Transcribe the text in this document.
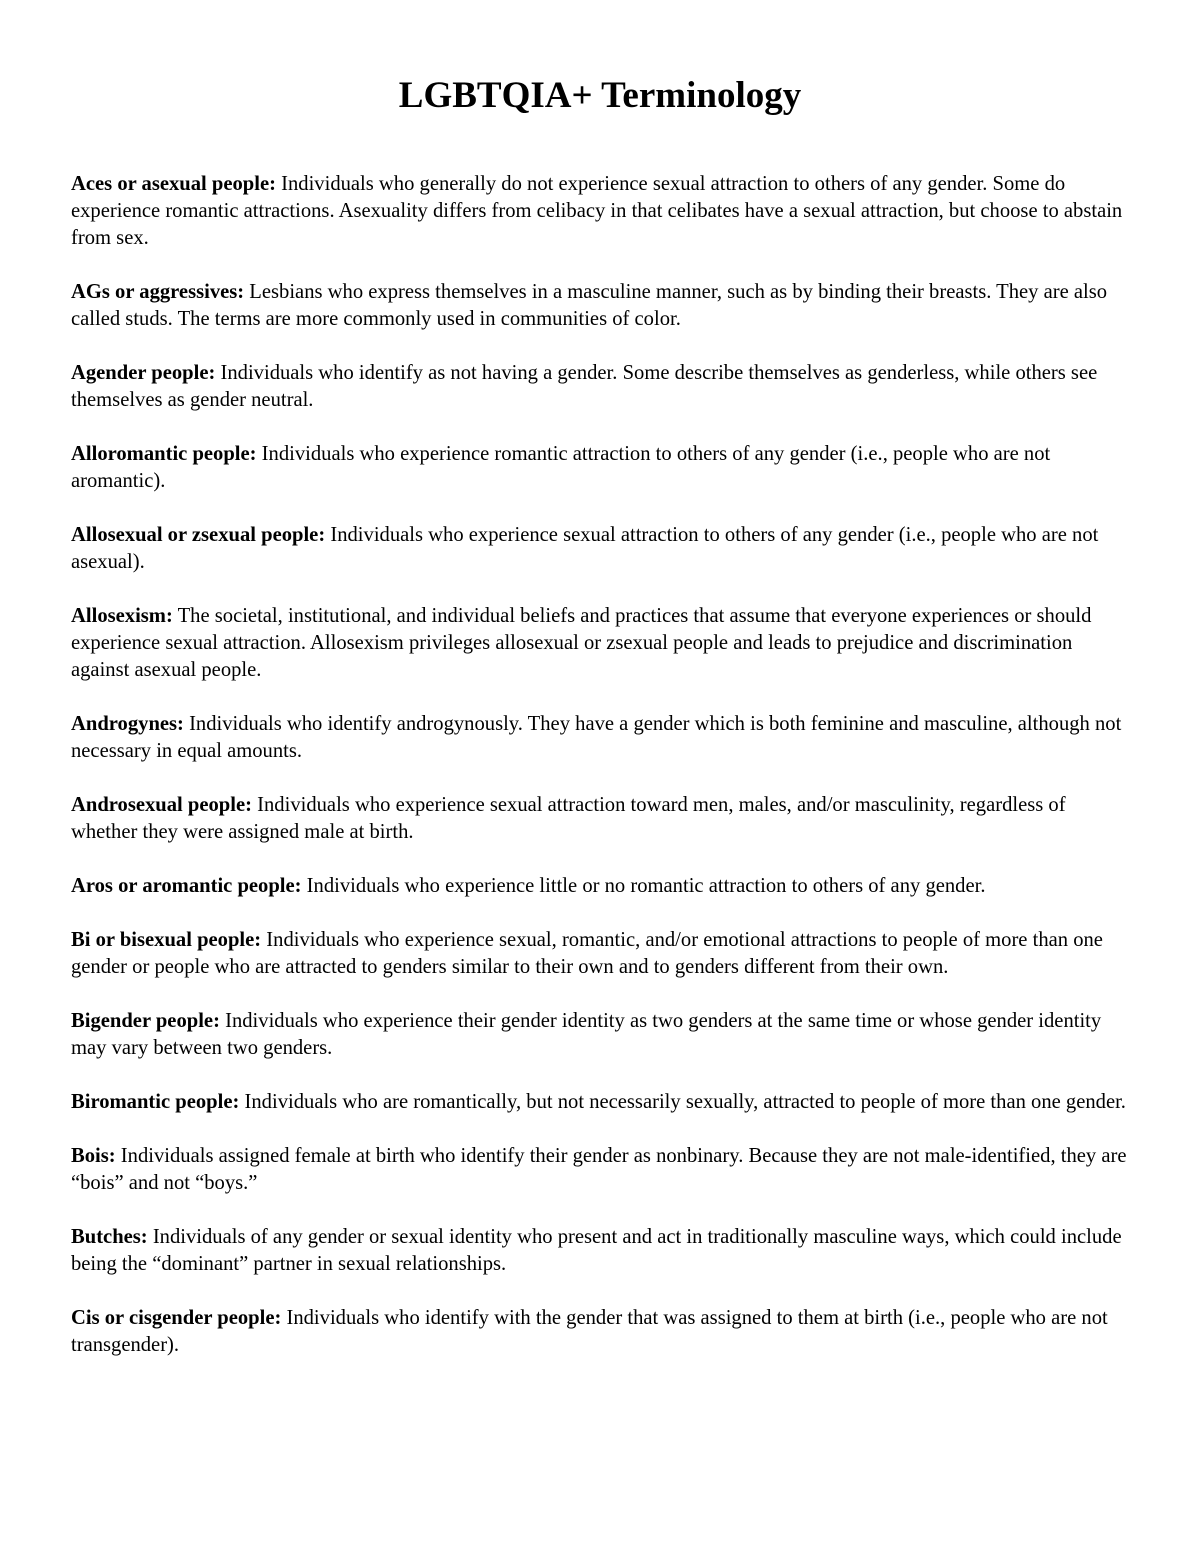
LGBTQIA+ Terminology

Aces or asexual people: Individuals who generally do not experience sexual attraction to others of any gender. Some do experience romantic attractions. Asexuality differs from celibacy in that celibates have a sexual attraction, but choose to abstain from sex.

AGs or aggressives: Lesbians who express themselves in a masculine manner, such as by binding their breasts. They are also called studs. The terms are more commonly used in communities of color.

Agender people: Individuals who identify as not having a gender. Some describe themselves as genderless, while others see themselves as gender neutral.

Alloromantic people: Individuals who experience romantic attraction to others of any gender (i.e., people who are not aromantic).

Allosexual or zsexual people: Individuals who experience sexual attraction to others of any gender (i.e., people who are not asexual).

Allosexism: The societal, institutional, and individual beliefs and practices that assume that everyone experiences or should experience sexual attraction. Allosexism privileges allosexual or zsexual people and leads to prejudice and discrimination against asexual people.

Androgynes: Individuals who identify androgynously. They have a gender which is both feminine and masculine, although not necessary in equal amounts.

Androsexual people: Individuals who experience sexual attraction toward men, males, and/or masculinity, regardless of whether they were assigned male at birth.

Aros or aromantic people: Individuals who experience little or no romantic attraction to others of any gender.

Bi or bisexual people: Individuals who experience sexual, romantic, and/or emotional attractions to people of more than one gender or people who are attracted to genders similar to their own and to genders different from their own.

Bigender people: Individuals who experience their gender identity as two genders at the same time or whose gender identity may vary between two genders.

Biromantic people: Individuals who are romantically, but not necessarily sexually, attracted to people of more than one gender.

Bois: Individuals assigned female at birth who identify their gender as nonbinary. Because they are not male-identified, they are “bois” and not “boys.”

Butches: Individuals of any gender or sexual identity who present and act in traditionally masculine ways, which could include being the “dominant” partner in sexual relationships.

Cis or cisgender people: Individuals who identify with the gender that was assigned to them at birth (i.e., people who are not transgender).
